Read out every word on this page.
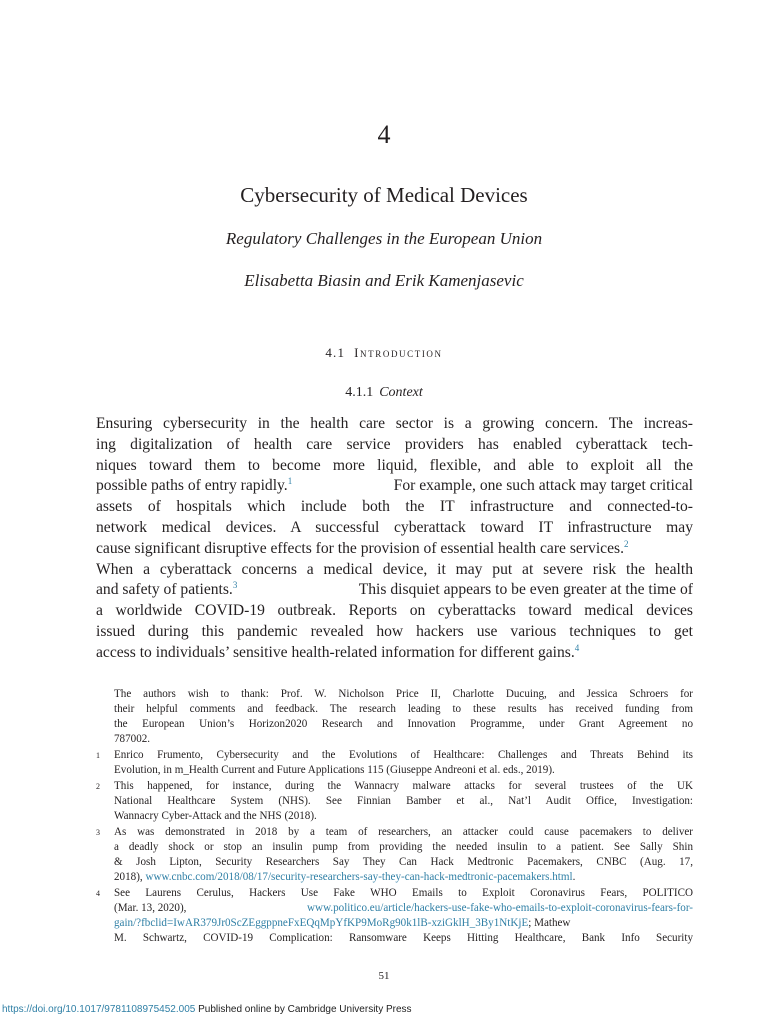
4
Cybersecurity of Medical Devices
Regulatory Challenges in the European Union
Elisabetta Biasin and Erik Kamenjasevic
4.1 Introduction
4.1.1 Context
Ensuring cybersecurity in the health care sector is a growing concern. The increas-
ing digitalization of health care service providers has enabled cyberattack tech-
niques toward them to become more liquid, flexible, and able to exploit all the
possible paths of entry rapidly.$^1$	For example, one such attack may target critical
assets of hospitals which include both the IT infrastructure and connected-to-
network medical devices. A successful cyberattack toward IT infrastructure may
cause significant disruptive effects for the provision of essential health care services.$^2$
When a cyberattack concerns a medical device, it may put at severe risk the health
and safety of patients.$^3$	This disquiet appears to be even greater at the time of
a worldwide COVID-19 outbreak. Reports on cyberattacks toward medical devices
issued during this pandemic revealed how hackers use various techniques to get
access to individuals’ sensitive health-related information for different gains.$^4$
The authors wish to thank: Prof. W. Nicholson Price II, Charlotte Ducuing, and Jessica Schroers for
their helpful comments and feedback. The research leading to these results has received funding from
the European Union’s Horizon2020 Research and Innovation Programme, under Grant Agreement no
787002.
1 Enrico Frumento, Cybersecurity and the Evolutions of Healthcare: Challenges and Threats Behind its
Evolution, in m_Health Current and Future Applications 115 (Giuseppe Andreoni et al. eds., 2019).
2 This happened, for instance, during the Wannacry malware attacks for several trustees of the UK
National Healthcare System (NHS). See Finnian Bamber et al., Nat’l Audit Office, Investigation:
Wannacry Cyber-Attack and the NHS (2018).
3 As was demonstrated in 2018 by a team of researchers, an attacker could cause pacemakers to deliver
a deadly shock or stop an insulin pump from providing the needed insulin to a patient. See Sally Shin
& Josh Lipton, Security Researchers Say They Can Hack Medtronic Pacemakers, CNBC (Aug. 17,
2018), www.cnbc.com/2018/08/17/security-researchers-say-they-can-hack-medtronic-pacemakers.html.
4 See Laurens Cerulus, Hackers Use Fake WHO Emails to Exploit Coronavirus Fears, POLITICO
(Mar. 13, 2020),	www.politico.eu/article/hackers-use-fake-who-emails-to-exploit-coronavirus-fears-for-
gain/?fbclid=IwAR379Jr0ScZEggppneFxEQqMpYfKP9MoRg90k1lB-xziGklH_3By1NtKjE; Mathew
M. Schwartz, COVID-19 Complication: Ransomware Keeps Hitting Healthcare, Bank Info Security
51
https://doi.org/10.1017/9781108975452.005 Published online by Cambridge University Press
